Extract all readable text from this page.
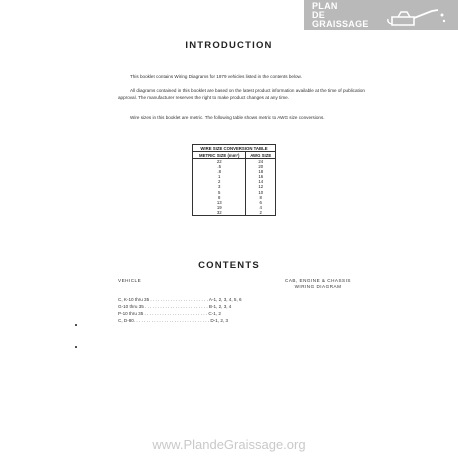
PLAN
DE
GRAISSAGE
INTRODUCTION

This booklet contains Wiring Diagrams for 1979 vehicles listed in the contents below.

All diagrams contained in this booklet are based on the latest product information available at the time of publication approval. The manufacturer reserves the right to make product changes at any time.

Wire sizes in this booklet are metric. The following table shows metric to AWG size conversions.

WIRE SIZE CONVERSION TABLE	
METRIC SIZE (mm²)	AWG SIZE
22	24
.5	20
.8	18
1	16
2	14
3	12
5	10
8	8
13	6
19	4
32	2
CONTENTS
VEHICLE	CAB, ENGINE & CHASSIS
WIRING DIAGRAM
C, K-10 thru 35 . . . . . . . . . . . . . . . . . . . . . . . A-1, 2, 3, 4, 5, 6
G-10 thru 35 . . . . . . . . . . . . . . . . . . . . . . . . . B-1, 2, 3, 4
P-10 thru 35 . . . . . . . . . . . . . . . . . . . . . . . . . C-1, 2
C, D-80. . . . . . . . . . . . . . . . . . . . . . . . . . . . . . D-1, 2, 3
www.PlandeGraissage.org
